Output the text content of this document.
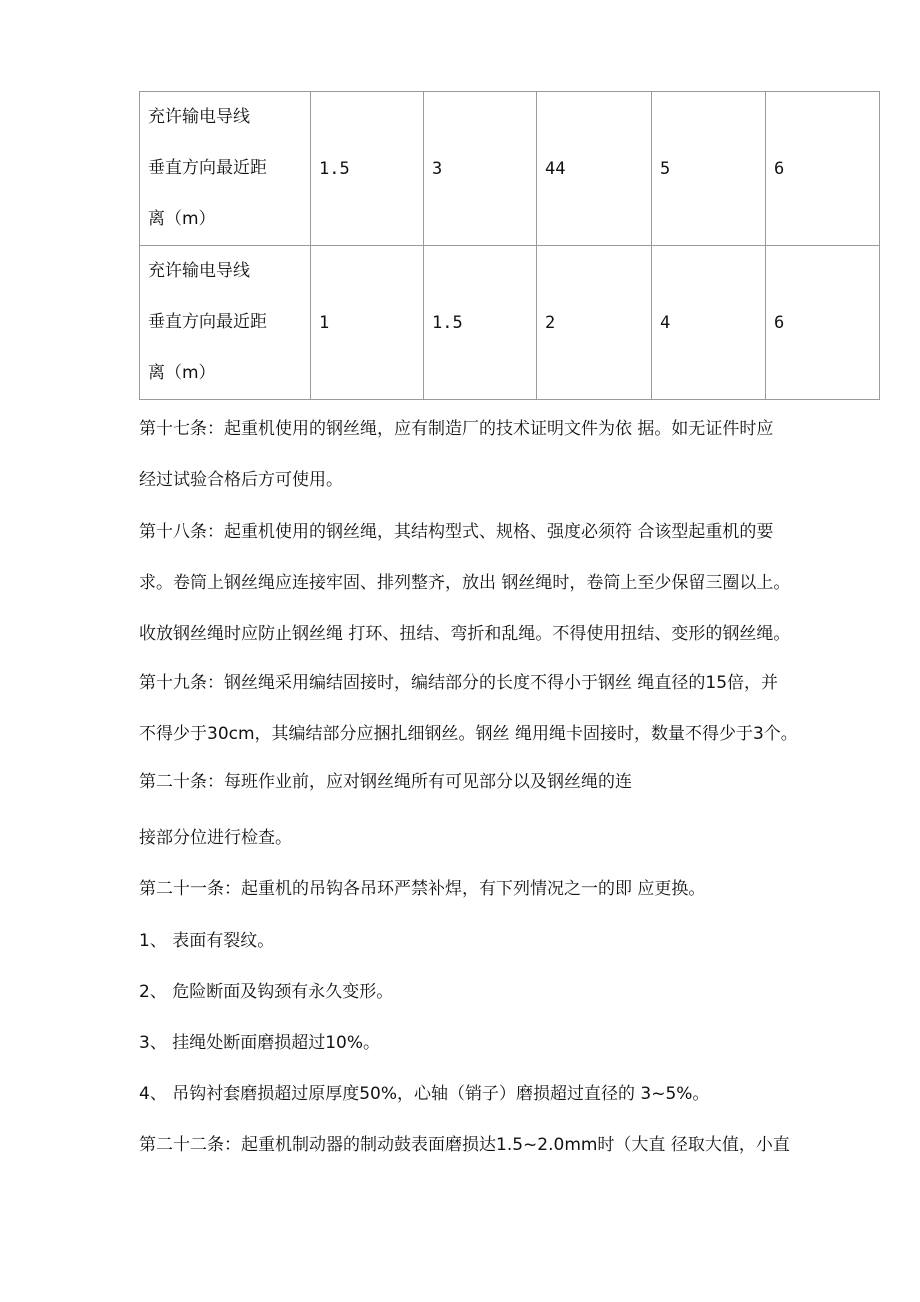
充许输电导线
垂直方向最近距
离（m）	1.5	3	44	5	6

充许输电导线
垂直方向最近距
离（m）	1	1.5	2	4	6
第十七条：起重机使用的钢丝绳，应有制造厂的技术证明文件为依 据。如无证件时应
经过试验合格后方可使用。
第十八条：起重机使用的钢丝绳，其结构型式、规格、强度必须符 合该型起重机的要
求。卷筒上钢丝绳应连接牢固、排列整齐，放出 钢丝绳时，卷筒上至少保留三圈以上。
收放钢丝绳时应防止钢丝绳 打环、扭结、弯折和乱绳。不得使用扭结、变形的钢丝绳。
第十九条：钢丝绳采用编结固接时，编结部分的长度不得小于钢丝 绳直径的15倍，并
不得少于30cm，其编结部分应捆扎细钢丝。钢丝 绳用绳卡固接时，数量不得少于3个。
第二十条：每班作业前，应对钢丝绳所有可见部分以及钢丝绳的连
接部分位进行检查。
第二十一条：起重机的吊钩各吊环严禁补焊，有下列情况之一的即 应更换。
1、 表面有裂纹。
2、 危险断面及钩颈有永久变形。
3、 挂绳处断面磨损超过10%。
4、 吊钩衬套磨损超过原厚度50%，心轴（销子）磨损超过直径的 3~5%。
第二十二条：起重机制动器的制动鼓表面磨损达1.5~2.0mm时（大直 径取大值，小直
